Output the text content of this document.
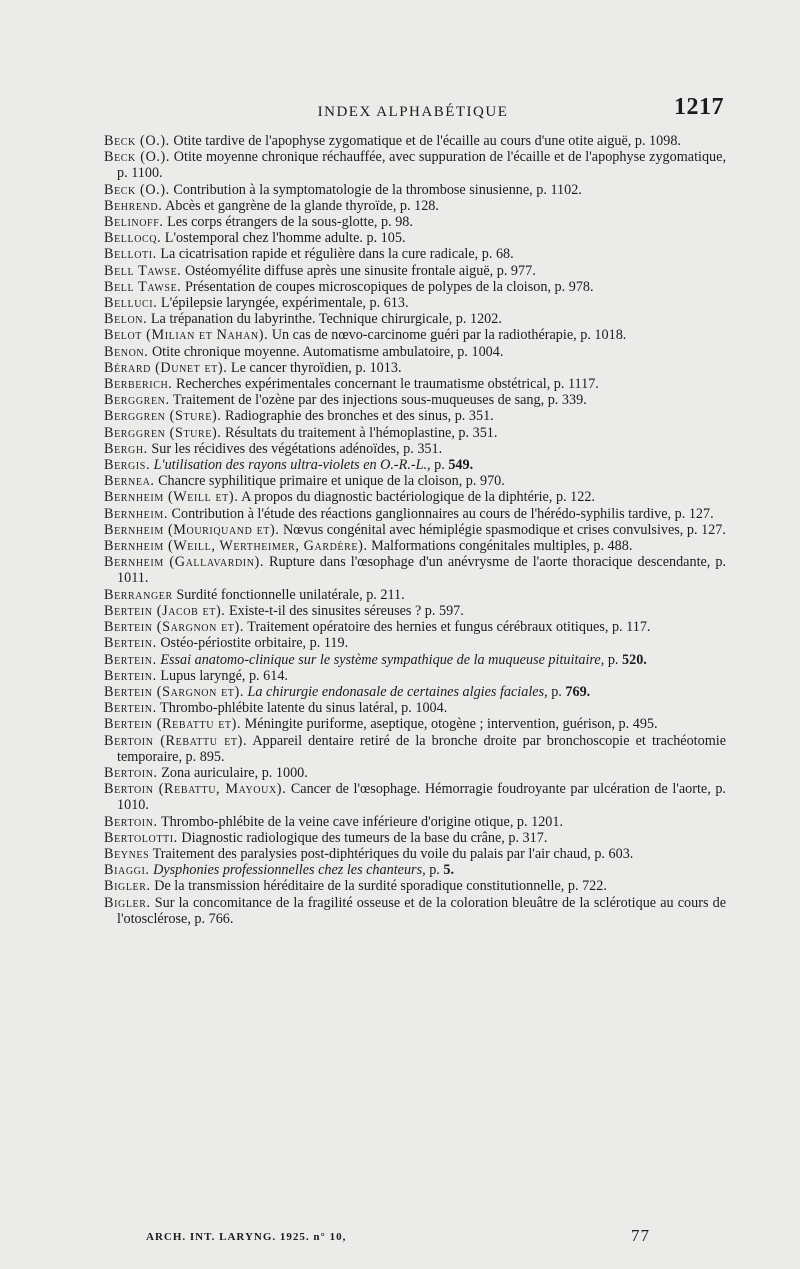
INDEX ALPHABÉTIQUE	1217
Beck (O.). Otite tardive de l'apophyse zygomatique et de l'écaille au cours d'une otite aiguë, p. 1098.
Beck (O.). Otite moyenne chronique réchauffée, avec suppuration de l'écaille et de l'apophyse zygomatique, p. 1100.
Beck (O.). Contribution à la symptomatologie de la thrombose sinusienne, p. 1102.
Behrend. Abcès et gangrène de la glande thyroïde, p. 128.
Belinoff. Les corps étrangers de la sous-glotte, p. 98.
Bellocq. L'ostemporal chez l'homme adulte. p. 105.
Belloti. La cicatrisation rapide et régulière dans la cure radicale, p. 68.
Bell Tawse. Ostéomyélite diffuse après une sinusite frontale aiguë, p. 977.
Bell Tawse. Présentation de coupes microscopiques de polypes de la cloison, p. 978.
Belluci. L'épilepsie laryngée, expérimentale, p. 613.
Belon. La trépanation du labyrinthe. Technique chirurgicale, p. 1202.
Belot (Milian et Nahan). Un cas de nœvo-carcinome guéri par la radiothérapie, p. 1018.
Benon. Otite chronique moyenne. Automatisme ambulatoire, p. 1004.
Bérard (Dunet et). Le cancer thyroïdien, p. 1013.
Berberich. Recherches expérimentales concernant le traumatisme obstétrical, p. 1117.
Berggren. Traitement de l'ozène par des injections sous-muqueuses de sang, p. 339.
Berggren (Sture). Radiographie des bronches et des sinus, p. 351.
Berggren (Sture). Résultats du traitement à l'hémoplastine, p. 351.
Bergh. Sur les récidives des végétations adénoïdes, p. 351.
Bergis. L'utilisation des rayons ultra-violets en O.-R.-L., p. 549.
Bernea. Chancre syphilitique primaire et unique de la cloison, p. 970.
Bernheim (Weill et). A propos du diagnostic bactériologique de la diphtérie, p. 122.
Bernheim. Contribution à l'étude des réactions ganglionnaires au cours de l'hérédo-syphilis tardive, p. 127.
Bernheim (Mouriquand et). Nœvus congénital avec hémiplégie spasmodique et crises convulsives, p. 127.
Bernheim (Weill, Wertheimer, Gardère). Malformations congénitales multiples, p. 488.
Bernheim (Gallavardin). Rupture dans l'œsophage d'un anévrysme de l'aorte thoracique descendante, p. 1011.
Berranger Surdité fonctionnelle unilatérale, p. 211.
Bertein (Jacob et). Existe-t-il des sinusites séreuses ? p. 597.
Bertein (Sargnon et). Traitement opératoire des hernies et fungus cérébraux otitiques, p. 117.
Bertein. Ostéo-périostite orbitaire, p. 119.
Bertein. Essai anatomo-clinique sur le système sympathique de la muqueuse pituitaire, p. 520.
Bertein. Lupus laryngé, p. 614.
Bertein (Sargnon et). La chirurgie endonasale de certaines algies faciales, p. 769.
Bertein. Thrombo-phlébite latente du sinus latéral, p. 1004.
Bertein (Rebattu et). Méningite puriforme, aseptique, otogène ; intervention, guérison, p. 495.
Bertoin (Rebattu et). Appareil dentaire retiré de la bronche droite par bronchoscopie et trachéotomie temporaire, p. 895.
Bertoin. Zona auriculaire, p. 1000.
Bertoin (Rebattu, Mayoux). Cancer de l'œsophage. Hémorragie foudroyante par ulcération de l'aorte, p. 1010.
Bertoin. Thrombo-phlébite de la veine cave inférieure d'origine otique, p. 1201.
Bertolotti. Diagnostic radiologique des tumeurs de la base du crâne, p. 317.
Beynes Traitement des paralysies post-diphtériques du voile du palais par l'air chaud, p. 603.
Biaggi. Dysphonies professionnelles chez les chanteurs, p. 5.
Bigler. De la transmission héréditaire de la surdité sporadique constitutionnelle, p. 722.
Bigler. Sur la concomitance de la fragilité osseuse et de la coloration bleuâtre de la sclérotique au cours de l'otosclérose, p. 766.
ARCH. INT. LARYNG. 1925. n° 10,	77
